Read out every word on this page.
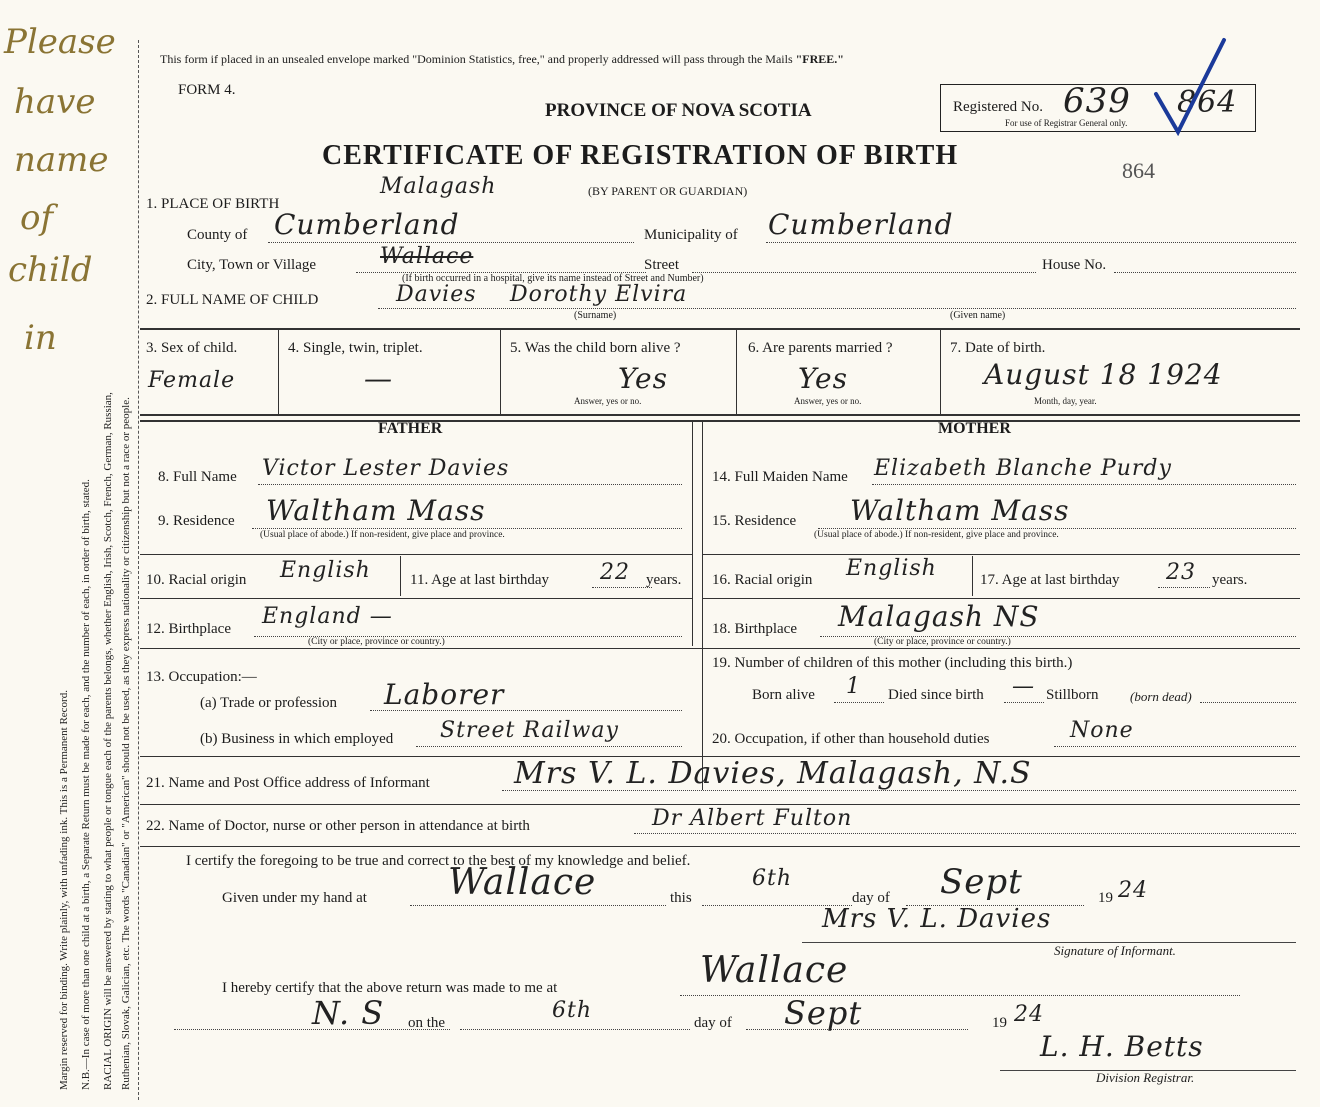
Please
have
name
of
child
in
Margin reserved for binding. Write plainly, with unfading ink. This is a Permanent Record. N.B.—In case of more than one child at a birth, a Separate Return must be made for each, and the number of each, in order of birth, stated. RACIAL ORIGIN will be answered by stating to what people or tongue each of the parents belongs, whether English, Irish, Scotch, French, German, Russian, Ruthenian, Slovak, Galician, etc. The words "Canadian" or "American" should not be used, as they express nationality or citizenship but not a race or people.
This form if placed in an unsealed envelope marked "Dominion Statistics, free," and properly addressed will pass through the Mails "FREE."
FORM 4.
PROVINCE OF NOVA SCOTIA
CERTIFICATE OF REGISTRATION OF BIRTH	864
Registered No. 639 864
For use of Registrar General only.
1. PLACE OF BIRTH
Malagash	(BY PARENT OR GUARDIAN)
County of Cumberland	Municipality of Cumberland
City, Town or Village	Wallace	Street	House No.
(If birth occurred in a hospital, give its name instead of Street and Number)
2. FULL NAME OF CHILD	Davies Dorothy Elvira
(Surname)	(Given name)
3. Sex of child.
Female
4. Single, twin, triplet.
—
5. Was the child born alive ?
Yes
Answer, yes or no.
6. Are parents married ?
Yes
Answer, yes or no.
7. Date of birth.
August 18 1924
Month, day, year.
FATHER	MOTHER
8. Full Name Victor Lester Davies
9. Residence Waltham Mass
(Usual place of abode.) If non-resident, give place and province.
10. Racial origin English	11. Age at last birthday 22 years.
12. Birthplace England —
(City or place, province or country.)
13. Occupation:—
(a) Trade or profession Laborer
(b) Business in which employed Street Railway
14. Full Maiden Name Elizabeth Blanche Purdy
15. Residence Waltham Mass
(Usual place of abode.) If non-resident, give place and province.
16. Racial origin English	17. Age at last birthday 23 years.
18. Birthplace Malagash NS
(City or place, province or country.)
19. Number of children of this mother (including this birth.)
Born alive 1 Died since birth — Stillborn (born dead)
20. Occupation, if other than household duties	None
21. Name and Post Office address of Informant	Mrs V. L. Davies, Malagash, N.S
22. Name of Doctor, nurse or other person in attendance at birth	Dr Albert Fulton
I certify the foregoing to be true and correct to the best of my knowledge and belief.
Given under my hand at Wallace	this
6th
day of Sept	19 24
Mrs V. L. Davies
Signature of Informant.
I hereby certify that the above return was made to me at	Wallace
N. S on the	6th	day of Sept	19 24
L. H. Betts
Division Registrar.
